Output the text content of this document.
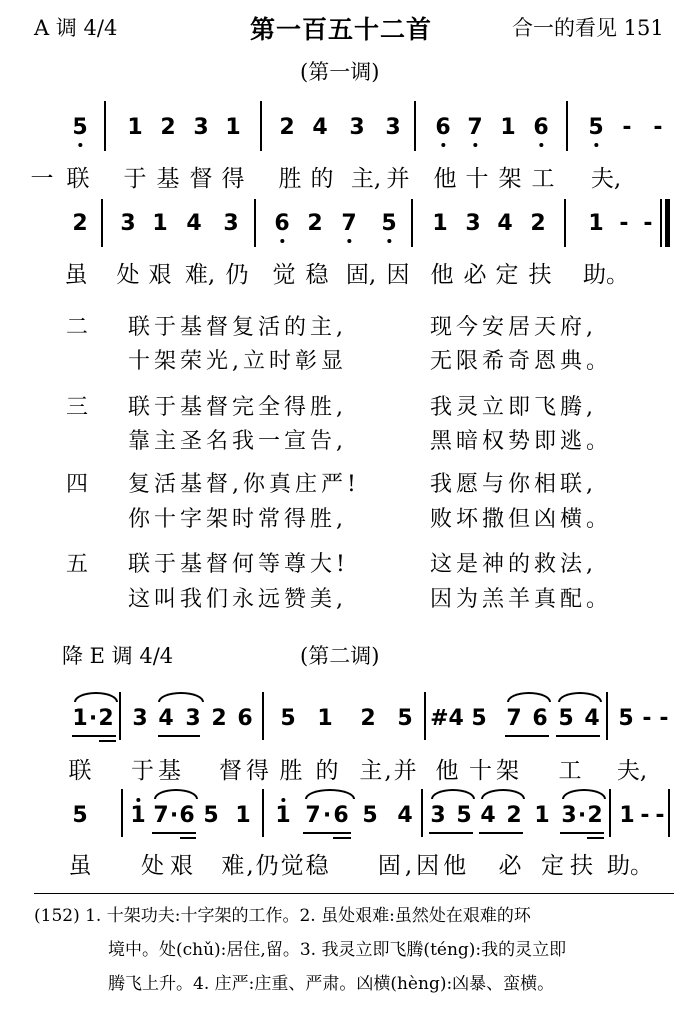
A 调 4/4	第一百五十二首	合一的看见 151
(第一调)
5 1 2 3 1 2 4 3 3 6 7 1 6 5 - -
一 联 于 基 督 得 胜 的 主, 并 他 十 架 工 夫,
2 3 1 4 3 6 2 7 5 1 3 4 2 1 - -
虽 处 艰 难, 仍 觉 稳 固, 因 他 必 定 扶 助。
二 联于基督复活的主,	现今安居天府,
十架荣光,立时彰显	无限希奇恩典。
三 联于基督完全得胜,	我灵立即飞腾,
靠主圣名我一宣告,	黑暗权势即逃。
四 复活基督,你真庄严!	我愿与你相联,
你十字架时常得胜,	败坏撒但凶横。
五 联于基督何等尊大!	这是神的救法,
这叫我们永远赞美,	因为羔羊真配。
降 E 调 4/4	(第二调)
1 · 2 3 4 3 2 6 5 1 2 5 #4 5 7 6 5 4 5 - -
联 于基 督得 胜 的 主,并 他 十架 工 夫,
5 1 7 · 6 5 1 1 7 · 6 5 4 3 5 4 2 1 3 · 2 1 - -
虽 处艰 难,仍觉稳 固,因他 必 定扶 助。
(152) 1. 十架功夫:十字架的工作。2. 虽处艰难:虽然处在艰难的环
境中。处(chǔ):居住,留。3. 我灵立即飞腾(téng):我的灵立即
腾飞上升。4. 庄严:庄重、严肃。凶横(hèng):凶暴、蛮横。
